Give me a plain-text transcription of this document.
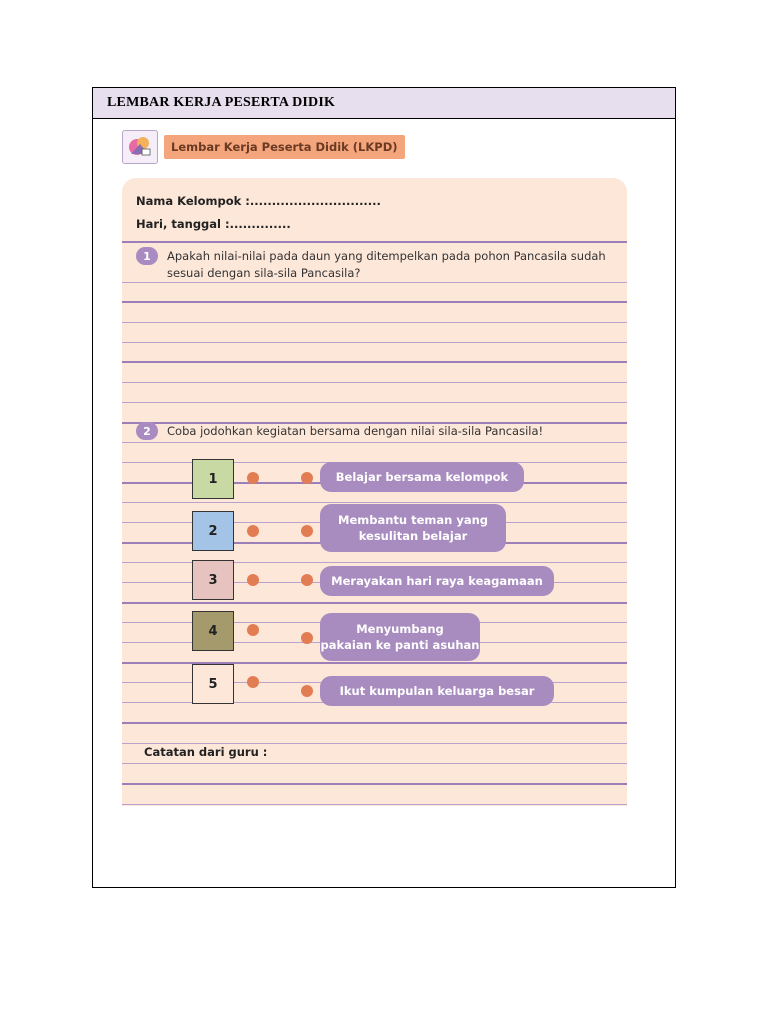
LEMBAR KERJA PESERTA DIDIK
Lembar Kerja Peserta Didik (LKPD)
Nama Kelompok :..............................
Hari, tanggal :..............
1	Apakah nilai-nilai pada daun yang ditempelkan pada pohon Pancasila sudah
sesuai dengan sila-sila Pancasila?
2	Coba jodohkan kegiatan bersama dengan nilai sila-sila Pancasila!
1
2
3
4
5
Belajar bersama kelompok
Membantu teman yang
kesulitan belajar
Merayakan hari raya keagamaan
Menyumbang
pakaian ke panti asuhan
Ikut kumpulan keluarga besar
Catatan dari guru :
